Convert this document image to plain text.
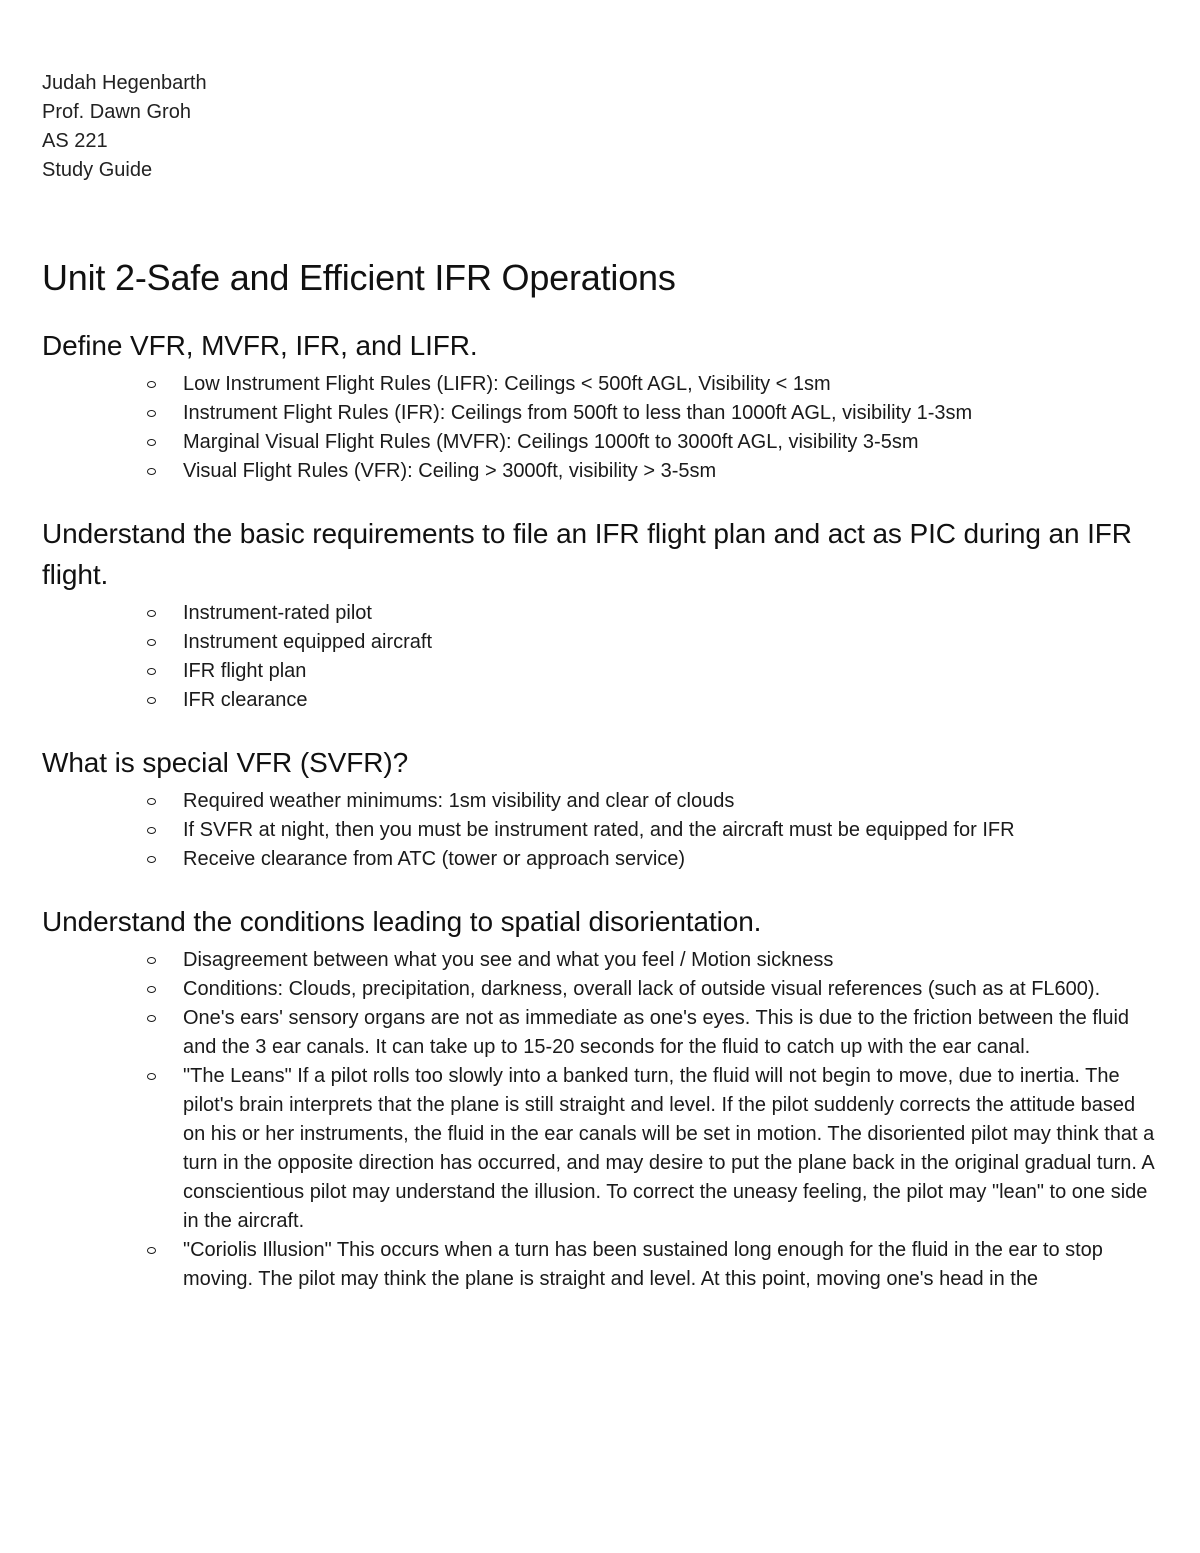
Judah Hegenbarth

Prof. Dawn Groh

AS 221

Study Guide

Unit 2-Safe and Efficient IFR Operations
Define VFR, MVFR, IFR, and LIFR.
Low Instrument Flight Rules (LIFR): Ceilings < 500ft AGL, Visibility < 1sm
Instrument Flight Rules (IFR): Ceilings from 500ft to less than 1000ft AGL, visibility 1-3sm
Marginal Visual Flight Rules (MVFR): Ceilings 1000ft to 3000ft AGL, visibility 3-5sm
Visual Flight Rules (VFR): Ceiling > 3000ft, visibility > 3-5sm
Understand the basic requirements to file an IFR flight plan and act as PIC during an IFR flight.
Instrument-rated pilot
Instrument equipped aircraft
IFR flight plan
IFR clearance
What is special VFR (SVFR)?
Required weather minimums: 1sm visibility and clear of clouds
If SVFR at night, then you must be instrument rated, and the aircraft must be equipped for IFR
Receive clearance from ATC (tower or approach service)
Understand the conditions leading to spatial disorientation.
Disagreement between what you see and what you feel / Motion sickness
Conditions: Clouds, precipitation, darkness, overall lack of outside visual references (such as at FL600).
One's ears' sensory organs are not as immediate as one's eyes. This is due to the friction between the fluid and the 3 ear canals. It can take up to 15-20 seconds for the fluid to catch up with the ear canal.
"The Leans" If a pilot rolls too slowly into a banked turn, the fluid will not begin to move, due to inertia. The pilot's brain interprets that the plane is still straight and level. If the pilot suddenly corrects the attitude based on his or her instruments, the fluid in the ear canals will be set in motion. The disoriented pilot may think that a turn in the opposite direction has occurred, and may desire to put the plane back in the original gradual turn. A conscientious pilot may understand the illusion. To correct the uneasy feeling, the pilot may "lean" to one side in the aircraft.
"Coriolis Illusion" This occurs when a turn has been sustained long enough for the fluid in the ear to stop moving. The pilot may think the plane is straight and level. At this point, moving one's head in the
